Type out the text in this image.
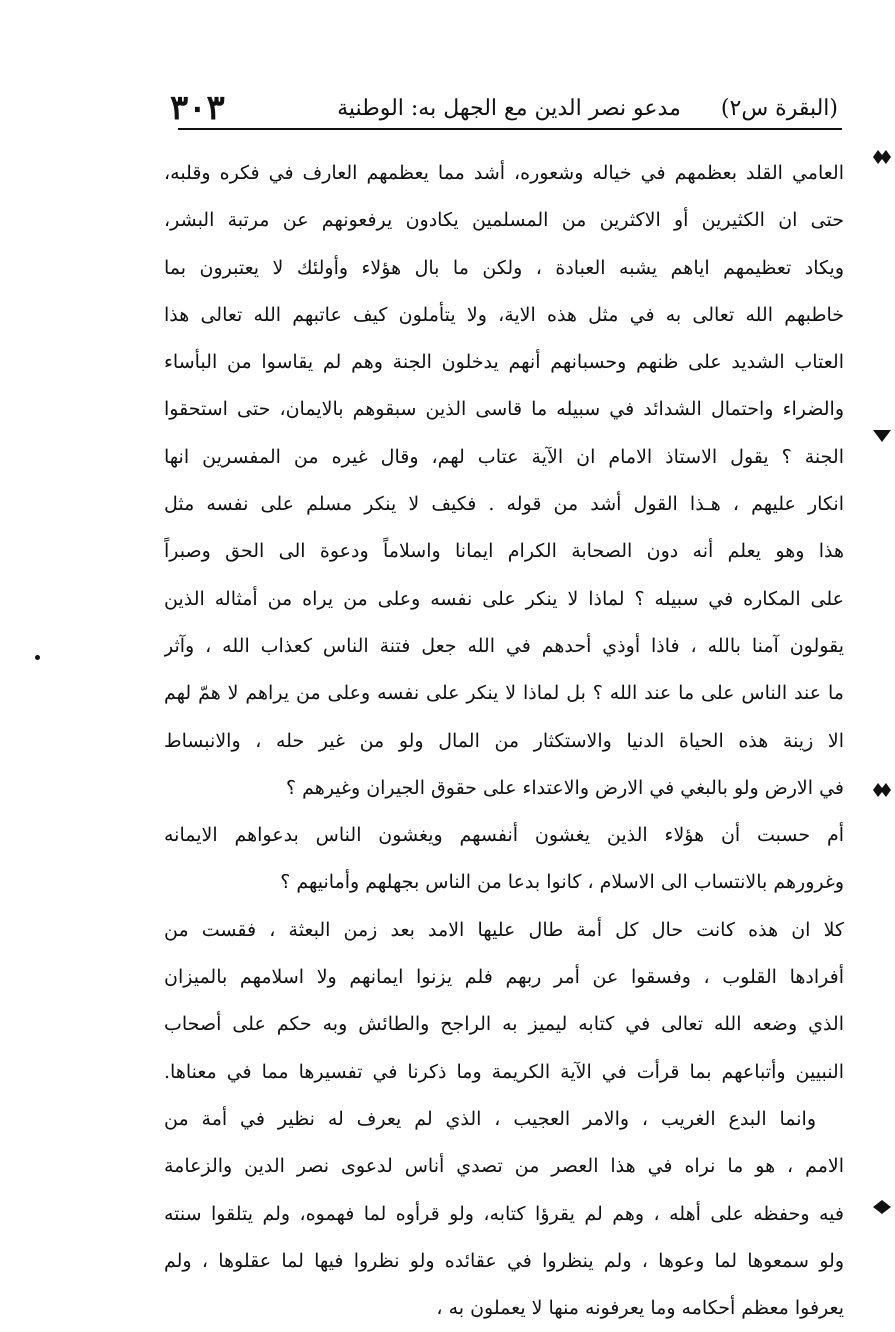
(البقرة س٢)
مدعو نصر الدين مع الجهل به: الوطنية
٣٠٣
العامي القلد بعظمهم في خياله وشعوره، أشد مما يعظمهم العارف في فكره وقلبه،
حتى ان الكثيرين أو الاكثرين من المسلمين يكادون يرفعونهم عن مرتبة البشر،
ويكاد تعظيمهم اياهم يشبه العبادة ، ولكن ما بال هؤلاء وأولئك لا يعتبرون بما
خاطبهم الله تعالى به في مثل هذه الاية، ولا يتأملون كيف عاتبهم الله تعالى هذا
العتاب الشديد على ظنهم وحسبانهم أنهم يدخلون الجنة وهم لم يقاسوا من البأساء
والضراء واحتمال الشدائد في سبيله ما قاسى الذين سبقوهم بالايمان، حتى استحقوا
الجنة ؟ يقول الاستاذ الامام ان الآية عتاب لهم، وقال غيره من المفسرين انها
انكار عليهم ، هـذا القول أشد من قوله . فكيف لا ينكر مسلم على نفسه مثل
هذا وهو يعلم أنه دون الصحابة الكرام ايمانا واسلاماً ودعوة الى الحق وصبراً
على المكاره في سبيله ؟ لماذا لا ينكر على نفسه وعلى من يراه من أمثاله الذين
يقولون آمنا بالله ، فاذا أوذي أحدهم في الله جعل فتنة الناس كعذاب الله ، وآثر
ما عند الناس على ما عند الله ؟ بل لماذا لا ينكر على نفسه وعلى من يراهم لا همّ لهم
الا زينة هذه الحياة الدنيا والاستكثار من المال ولو من غير حله ، والانبساط
في الارض ولو بالبغي في الارض والاعتداء على حقوق الجيران وغيرهم ؟
أم حسبت أن هؤلاء الذين يغشون أنفسهم ويغشون الناس بدعواهم الايمانه
وغرورهم بالانتساب الى الاسلام ، كانوا بدعا من الناس بجهلهم وأمانيهم ؟
كلا ان هذه كانت حال كل أمة طال عليها الامد بعد زمن البعثة ، فقست من
أفرادها القلوب ، وفسقوا عن أمر ربهم فلم يزنوا ايمانهم ولا اسلامهم بالميزان
الذي وضعه الله تعالى في كتابه ليميز به الراجح والطائش وبه حكم على أصحاب
النبيين وأتباعهم بما قرأت في الآية الكريمة وما ذكرنا في تفسيرها مما في معناها.
وانما البدع الغريب ، والامر العجيب ، الذي لم يعرف له نظير في أمة من
الامم ، هو ما نراه في هذا العصر من تصدي أناس لدعوى نصر الدين والزعامة
فيه وحفظه على أهله ، وهم لم يقرؤا كتابه، ولو قرأوه لما فهموه، ولم يتلقوا سنته
ولو سمعوها لما وعوها ، ولم ينظروا في عقائده ولو نظروا فيها لما عقلوها ، ولم
يعرفوا معظم أحكامه وما يعرفونه منها لا يعملون به ،
